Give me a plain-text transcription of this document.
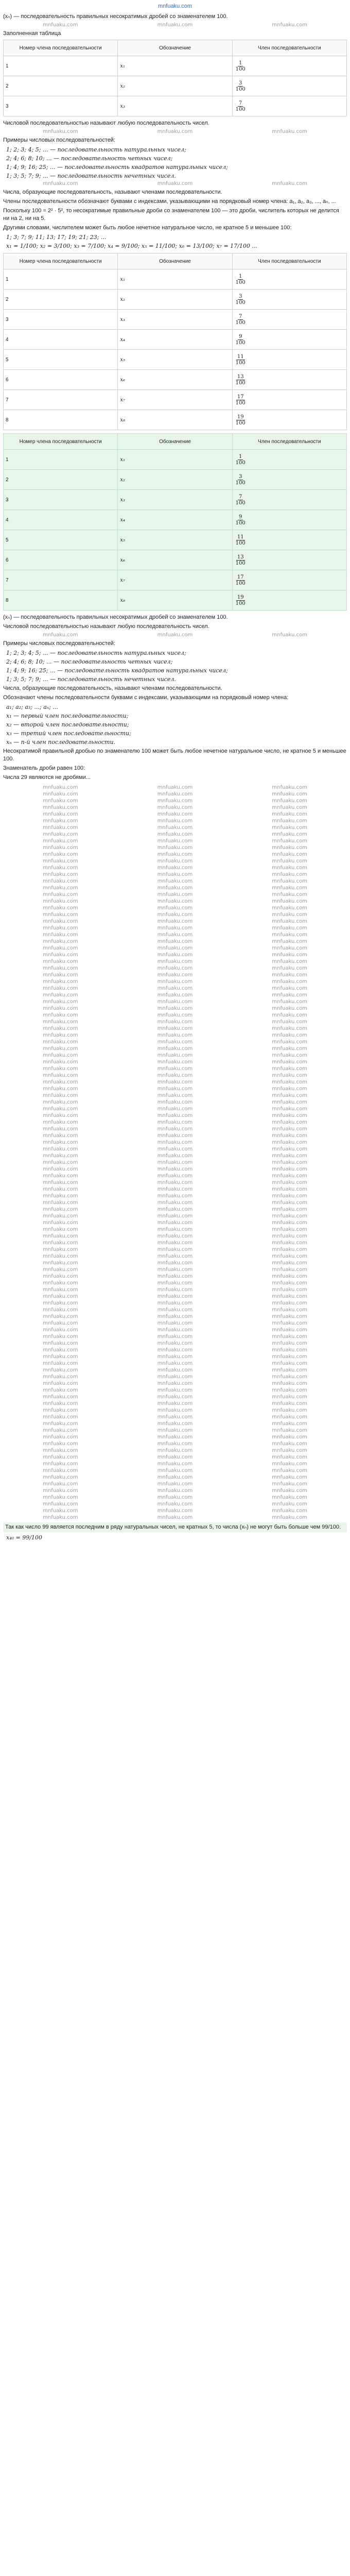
mnfuaku.com
(xₙ) — последовательность правильных несократимых дробей со знаменателем 100.
mnfuaku.com	mnfuaku.com	mnfuaku.com
Заполненная таблица
Номер члена последовательности	Обозначение	Член последовательности
1	x₁	$\frac{1}{100}$

2	x₂	$\frac{3}{100}$

3	x₃	$\frac{7}{100}$
Числовой последовательностью называют любую последовательность чисел.
mnfuaku.com	mnfuaku.com	mnfuaku.com
Примеры числовых последовательностей:
1; 2; 3; 4; 5; ... — последовательность натуральных чисел;
2; 4; 6; 8; 10; ... — последовательность четных чисел;
1; 4; 9; 16; 25; ... — последовательность квадратов натуральных чисел;
1; 3; 5; 7; 9; ... — последовательность нечетных чисел.
mnfuaku.com	mnfuaku.com	mnfuaku.com
Числа, образующие последовательность, называют членами последовательности.
Члены последовательности обозначают буквами с индексами, указывающими на порядковый номер члена: a₁, a₂, a₃, ..., aₙ, ...
Поскольку 100 = 2² · 5², то несократимые правильные дроби со знаменателем 100 — это дроби, числитель которых не делится ни на 2, ни на 5.
Другими словами, числителем может быть любое нечетное натуральное число, не кратное 5 и меньшее 100:
1; 3; 7; 9; 11; 13; 17; 19; 21; 23; ...
x₁ = 1/100; x₂ = 3/100; x₃ = 7/100; x₄ = 9/100; x₅ = 11/100; x₆ = 13/100; x₇ = 17/100 ...
Номер члена последовательности	Обозначение	Член последовательности
1	x₁	$\frac{1}{100}$

2	x₂	$\frac{3}{100}$

3	x₃	$\frac{7}{100}$

4	x₄	$\frac{9}{100}$

5	x₅	$\frac{11}{100}$

6	x₆	$\frac{13}{100}$

7	x₇	$\frac{17}{100}$

8	x₈	$\frac{19}{100}$
Номер члена последовательности	Обозначение	Член последовательности
1	x₁	$\frac{1}{100}$

2	x₂	$\frac{3}{100}$

3	x₃	$\frac{7}{100}$

4	x₄	$\frac{9}{100}$

5	x₅	$\frac{11}{100}$

6	x₆	$\frac{13}{100}$

7	x₇	$\frac{17}{100}$

8	x₈	$\frac{19}{100}$
(xₙ) — последовательность правильных несократимых дробей со знаменателем 100.
Числовой последовательностью называют любую последовательность чисел.
mnfuaku.com	mnfuaku.com	mnfuaku.com
Примеры числовых последовательностей:
1; 2; 3; 4; 5; ... — последовательность натуральных чисел;
2; 4; 6; 8; 10; ... — последовательность четных чисел;
1; 4; 9; 16; 25; ... — последовательность квадратов натуральных чисел;
1; 3; 5; 7; 9; ... — последовательность нечетных чисел.
Числа, образующие последовательность, называют членами последовательности.
Обозначают члены последовательности буквами с индексами, указывающими на порядковый номер члена:
a₁; a₂; a₃; ...; aₙ; ...
x₁ — первый член последовательности;
x₂ — второй член последовательности;
x₃ — третий член последовательности;
xₙ — n-й член последовательности.
Несократимой правильной дробью по знаменателю 100 может быть любое нечетное натуральное число, не кратное 5 и меньшее 100.
Знаменатель дроби равен 100:
Числа 29 являются не дробями...
mnfuaku.com	mnfuaku.com	mnfuaku.com
mnfuaku.com	mnfuaku.com	mnfuaku.com
mnfuaku.com	mnfuaku.com	mnfuaku.com
mnfuaku.com	mnfuaku.com	mnfuaku.com
mnfuaku.com	mnfuaku.com	mnfuaku.com
mnfuaku.com	mnfuaku.com	mnfuaku.com
mnfuaku.com	mnfuaku.com	mnfuaku.com
mnfuaku.com	mnfuaku.com	mnfuaku.com
mnfuaku.com	mnfuaku.com	mnfuaku.com
mnfuaku.com	mnfuaku.com	mnfuaku.com
mnfuaku.com	mnfuaku.com	mnfuaku.com
mnfuaku.com	mnfuaku.com	mnfuaku.com
mnfuaku.com	mnfuaku.com	mnfuaku.com
mnfuaku.com	mnfuaku.com	mnfuaku.com
mnfuaku.com	mnfuaku.com	mnfuaku.com
mnfuaku.com	mnfuaku.com	mnfuaku.com
mnfuaku.com	mnfuaku.com	mnfuaku.com
mnfuaku.com	mnfuaku.com	mnfuaku.com
mnfuaku.com	mnfuaku.com	mnfuaku.com
mnfuaku.com	mnfuaku.com	mnfuaku.com
mnfuaku.com	mnfuaku.com	mnfuaku.com
mnfuaku.com	mnfuaku.com	mnfuaku.com
mnfuaku.com	mnfuaku.com	mnfuaku.com
mnfuaku.com	mnfuaku.com	mnfuaku.com
mnfuaku.com	mnfuaku.com	mnfuaku.com
mnfuaku.com	mnfuaku.com	mnfuaku.com
mnfuaku.com	mnfuaku.com	mnfuaku.com
mnfuaku.com	mnfuaku.com	mnfuaku.com
mnfuaku.com	mnfuaku.com	mnfuaku.com
mnfuaku.com	mnfuaku.com	mnfuaku.com
mnfuaku.com	mnfuaku.com	mnfuaku.com
mnfuaku.com	mnfuaku.com	mnfuaku.com
mnfuaku.com	mnfuaku.com	mnfuaku.com
mnfuaku.com	mnfuaku.com	mnfuaku.com
mnfuaku.com	mnfuaku.com	mnfuaku.com
mnfuaku.com	mnfuaku.com	mnfuaku.com
mnfuaku.com	mnfuaku.com	mnfuaku.com
mnfuaku.com	mnfuaku.com	mnfuaku.com
mnfuaku.com	mnfuaku.com	mnfuaku.com
mnfuaku.com	mnfuaku.com	mnfuaku.com
mnfuaku.com	mnfuaku.com	mnfuaku.com
mnfuaku.com	mnfuaku.com	mnfuaku.com
mnfuaku.com	mnfuaku.com	mnfuaku.com
mnfuaku.com	mnfuaku.com	mnfuaku.com
mnfuaku.com	mnfuaku.com	mnfuaku.com
mnfuaku.com	mnfuaku.com	mnfuaku.com
mnfuaku.com	mnfuaku.com	mnfuaku.com
mnfuaku.com	mnfuaku.com	mnfuaku.com
mnfuaku.com	mnfuaku.com	mnfuaku.com
mnfuaku.com	mnfuaku.com	mnfuaku.com
mnfuaku.com	mnfuaku.com	mnfuaku.com
mnfuaku.com	mnfuaku.com	mnfuaku.com
mnfuaku.com	mnfuaku.com	mnfuaku.com
mnfuaku.com	mnfuaku.com	mnfuaku.com
mnfuaku.com	mnfuaku.com	mnfuaku.com
mnfuaku.com	mnfuaku.com	mnfuaku.com
mnfuaku.com	mnfuaku.com	mnfuaku.com
mnfuaku.com	mnfuaku.com	mnfuaku.com
mnfuaku.com	mnfuaku.com	mnfuaku.com
mnfuaku.com	mnfuaku.com	mnfuaku.com
mnfuaku.com	mnfuaku.com	mnfuaku.com
mnfuaku.com	mnfuaku.com	mnfuaku.com
mnfuaku.com	mnfuaku.com	mnfuaku.com
mnfuaku.com	mnfuaku.com	mnfuaku.com
mnfuaku.com	mnfuaku.com	mnfuaku.com
mnfuaku.com	mnfuaku.com	mnfuaku.com
mnfuaku.com	mnfuaku.com	mnfuaku.com
mnfuaku.com	mnfuaku.com	mnfuaku.com
mnfuaku.com	mnfuaku.com	mnfuaku.com
mnfuaku.com	mnfuaku.com	mnfuaku.com
mnfuaku.com	mnfuaku.com	mnfuaku.com
mnfuaku.com	mnfuaku.com	mnfuaku.com
mnfuaku.com	mnfuaku.com	mnfuaku.com
mnfuaku.com	mnfuaku.com	mnfuaku.com
mnfuaku.com	mnfuaku.com	mnfuaku.com
mnfuaku.com	mnfuaku.com	mnfuaku.com
mnfuaku.com	mnfuaku.com	mnfuaku.com
mnfuaku.com	mnfuaku.com	mnfuaku.com
mnfuaku.com	mnfuaku.com	mnfuaku.com
mnfuaku.com	mnfuaku.com	mnfuaku.com
mnfuaku.com	mnfuaku.com	mnfuaku.com
mnfuaku.com	mnfuaku.com	mnfuaku.com
mnfuaku.com	mnfuaku.com	mnfuaku.com
mnfuaku.com	mnfuaku.com	mnfuaku.com
mnfuaku.com	mnfuaku.com	mnfuaku.com
mnfuaku.com	mnfuaku.com	mnfuaku.com
mnfuaku.com	mnfuaku.com	mnfuaku.com
mnfuaku.com	mnfuaku.com	mnfuaku.com
mnfuaku.com	mnfuaku.com	mnfuaku.com
mnfuaku.com	mnfuaku.com	mnfuaku.com
mnfuaku.com	mnfuaku.com	mnfuaku.com
mnfuaku.com	mnfuaku.com	mnfuaku.com
mnfuaku.com	mnfuaku.com	mnfuaku.com
mnfuaku.com	mnfuaku.com	mnfuaku.com
mnfuaku.com	mnfuaku.com	mnfuaku.com
mnfuaku.com	mnfuaku.com	mnfuaku.com
mnfuaku.com	mnfuaku.com	mnfuaku.com
mnfuaku.com	mnfuaku.com	mnfuaku.com
mnfuaku.com	mnfuaku.com	mnfuaku.com
mnfuaku.com	mnfuaku.com	mnfuaku.com
mnfuaku.com	mnfuaku.com	mnfuaku.com
mnfuaku.com	mnfuaku.com	mnfuaku.com
mnfuaku.com	mnfuaku.com	mnfuaku.com
mnfuaku.com	mnfuaku.com	mnfuaku.com
mnfuaku.com	mnfuaku.com	mnfuaku.com
mnfuaku.com	mnfuaku.com	mnfuaku.com
mnfuaku.com	mnfuaku.com	mnfuaku.com
mnfuaku.com	mnfuaku.com	mnfuaku.com
mnfuaku.com	mnfuaku.com	mnfuaku.com
mnfuaku.com	mnfuaku.com	mnfuaku.com
Так как число 99 является последним в ряду натуральных чисел, не кратных 5, то числа (xₙ) не могут быть больше чем 99/100.
x₄₀ = 99/100
